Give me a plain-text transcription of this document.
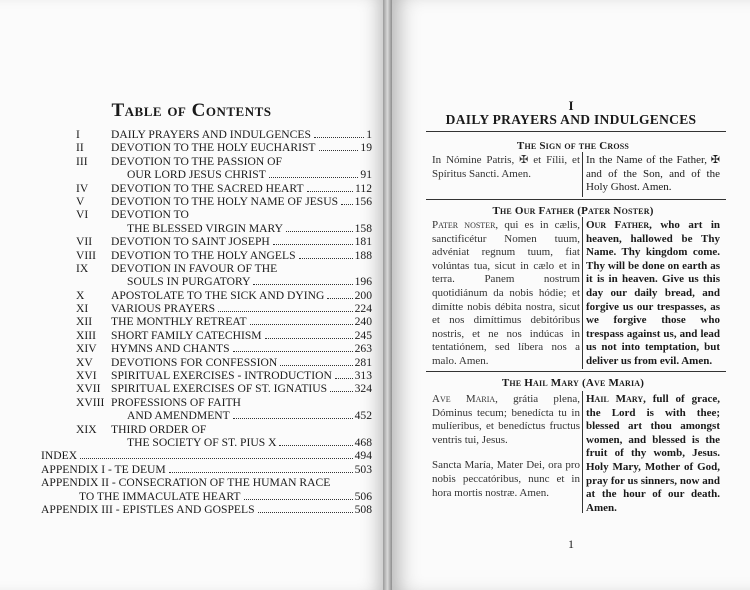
Table of Contents
I	DAILY PRAYERS AND INDULGENCES	1
II	DEVOTION TO THE HOLY EUCHARIST	19
III	DEVOTION TO THE PASSION OF
OUR LORD JESUS CHRIST	91
IV	DEVOTION TO THE SACRED HEART	112
V	DEVOTION TO THE HOLY NAME OF JESUS 156
VI	DEVOTION TO
THE BLESSED VIRGIN MARY	158
VII	DEVOTION TO SAINT JOSEPH	181
VIII	DEVOTION TO THE HOLY ANGELS	188
IX	DEVOTION IN FAVOUR OF THE
SOULS IN PURGATORY	196
X	APOSTOLATE TO THE SICK AND DYING	200
XI	VARIOUS PRAYERS	224
XII	THE MONTHLY RETREAT	240
XIII	SHORT FAMILY CATECHISM	245
XIV	HYMNS AND CHANTS	263
XV	DEVOTIONS FOR CONFESSION	281
XVI	SPIRITUAL EXERCISES - INTRODUCTION 313
XVII SPIRITUAL EXERCISES OF ST. IGNATIUS 324
XVIII PROFESSIONS OF FAITH
AND AMENDMENT	452
XIX	THIRD ORDER OF
THE SOCIETY OF ST. PIUS X	468
INDEX	494
APPENDIX I - TE DEUM	503
APPENDIX II - CONSECRATION OF THE HUMAN RACE
TO THE IMMACULATE HEART	506
APPENDIX III - EPISTLES AND GOSPELS	508
I
DAILY PRAYERS AND INDULGENCES
The Sign of the Cross
In Nómine Patris, ✠ et Fílii, et Spíritus Sancti. Amen.
In the Name of the Father, ✠ and of the Son, and of the Holy Ghost. Amen.
The Our Father (Pater Noster)
Pater noster, qui es in cælis, sanctificétur Nomen tuum, advéniat regnum tuum, fiat volúntas tua, sicut in cælo et in terra. Panem nostrum quotidiánum da nobis hódie; et dimítte nobis débita nostra, sicut et nos dimíttimus debitóribus nostris, et ne nos indúcas in tentatiónem, sed líbera nos a malo. Amen.
Our Father, who art in heaven, hallowed be Thy Name. Thy kingdom come. Thy will be done on earth as it is in heaven. Give us this day our daily bread, and forgive us our trespasses, as we forgive those who trespass against us, and lead us not into temptation, but deliver us from evil. Amen.
The Hail Mary (Ave Maria)
Ave Maria, grátia plena, Dóminus tecum; benedícta tu in mulíeribus, et benedíctus fructus ventris tui, Jesus.
Sancta María, Mater Dei, ora pro nobis peccatóribus, nunc et in hora mortis nostræ. Amen.
Hail Mary, full of grace, the Lord is with thee; blessed art thou amongst women, and blessed is the fruit of thy womb, Jesus. Holy Mary, Mother of God, pray for us sinners, now and at the hour of our death. Amen.
1
